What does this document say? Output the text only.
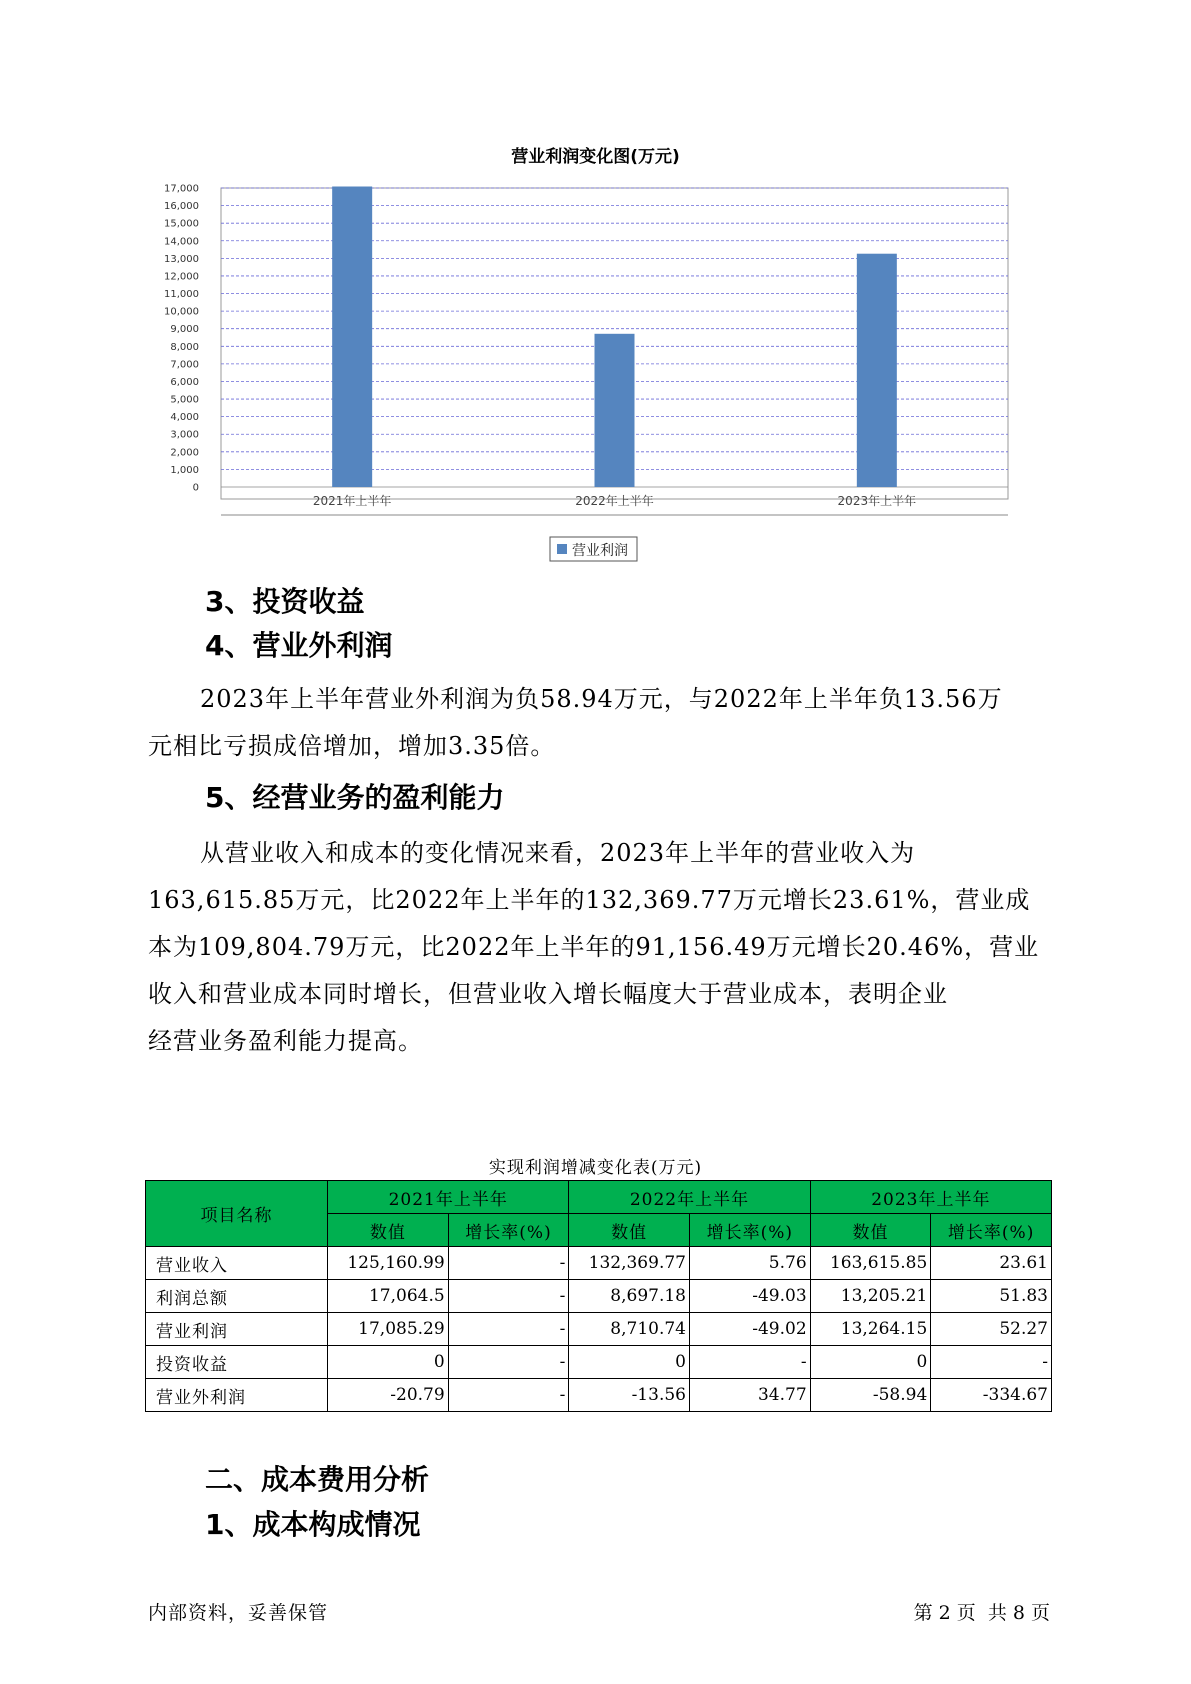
营业利润变化图(万元)
0
1,000
2,000
3,000
4,000
5,000
6,000
7,000
8,000
9,000
10,000
11,000
12,000
13,000
14,000
15,000
16,000
17,000
2021年上半年	2022年上半年	2023年上半年
营业利润
3、投资收益
4、营业外利润
2023年上半年营业外利润为负58.94万元，与2022年上半年负13.56万
元相比亏损成倍增加，增加3.35倍。
5、经营业务的盈利能力
从营业收入和成本的变化情况来看，2023年上半年的营业收入为
163,615.85万元，比2022年上半年的132,369.77万元增长23.61%，营业成
本为109,804.79万元，比2022年上半年的91,156.49万元增长20.46%，营业
收入和营业成本同时增长，但营业收入增长幅度大于营业成本，表明企业
经营业务盈利能力提高。
实现利润增减变化表(万元)
项目名称	2021年上半年		2022年上半年		2023年上半年	
	数值	增长率(%)	数值	增长率(%)	数值	增长率(%)
营业收入	125,160.99	-	132,369.77	5.76	163,615.85	23.61
利润总额	17,064.5	-	8,697.18	-49.03	13,205.21	51.83
营业利润	17,085.29	-	8,710.74	-49.02	13,264.15	52.27
投资收益	0	-	0	-	0	-
营业外利润	-20.79	-	-13.56	34.77	-58.94	-334.67
二、成本费用分析
1、成本构成情况
内部资料，妥善保管	第 2 页  共 8 页
